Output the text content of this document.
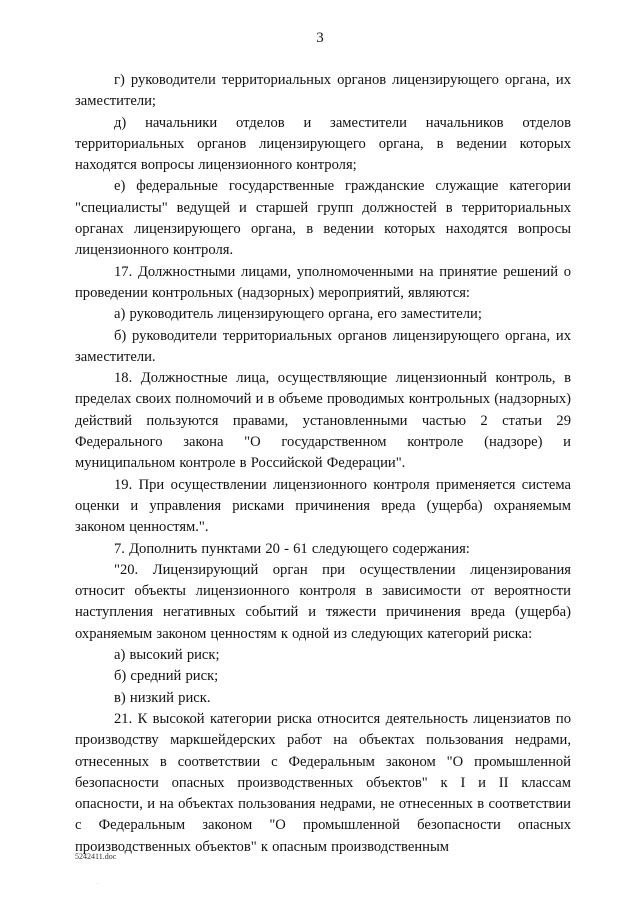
3

г) руководители территориальных органов лицензирующего органа, их заместители;

д) начальники отделов и заместители начальников отделов территориальных органов лицензирующего органа, в ведении которых находятся вопросы лицензионного контроля;

е) федеральные государственные гражданские служащие категории "специалисты" ведущей и старшей групп должностей в территориальных органах лицензирующего органа, в ведении которых находятся вопросы лицензионного контроля.

17. Должностными лицами, уполномоченными на принятие решений о проведении контрольных (надзорных) мероприятий, являются:

а) руководитель лицензирующего органа, его заместители;

б) руководители территориальных органов лицензирующего органа, их заместители.

18. Должностные лица, осуществляющие лицензионный контроль, в пределах своих полномочий и в объеме проводимых контрольных (надзорных) действий пользуются правами, установленными частью 2 статьи 29 Федерального закона "О государственном контроле (надзоре) и муниципальном контроле в Российской Федерации".

19. При осуществлении лицензионного контроля применяется система оценки и управления рисками причинения вреда (ущерба) охраняемым законом ценностям.".

7. Дополнить пунктами 20 - 61 следующего содержания:

"20. Лицензирующий орган при осуществлении лицензирования относит объекты лицензионного контроля в зависимости от вероятности наступления негативных событий и тяжести причинения вреда (ущерба) охраняемым законом ценностям к одной из следующих категорий риска:

а) высокий риск;

б) средний риск;

в) низкий риск.

21. К высокой категории риска относится деятельность лицензиатов по производству маркшейдерских работ на объектах пользования недрами, отнесенных в соответствии с Федеральным законом "О промышленной безопасности опасных производственных объектов" к I и II классам опасности, и на объектах пользования недрами, не отнесенных в соответствии с Федеральным законом "О промышленной безопасности опасных производственных объектов" к опасным производственным

5242411.doc
.
